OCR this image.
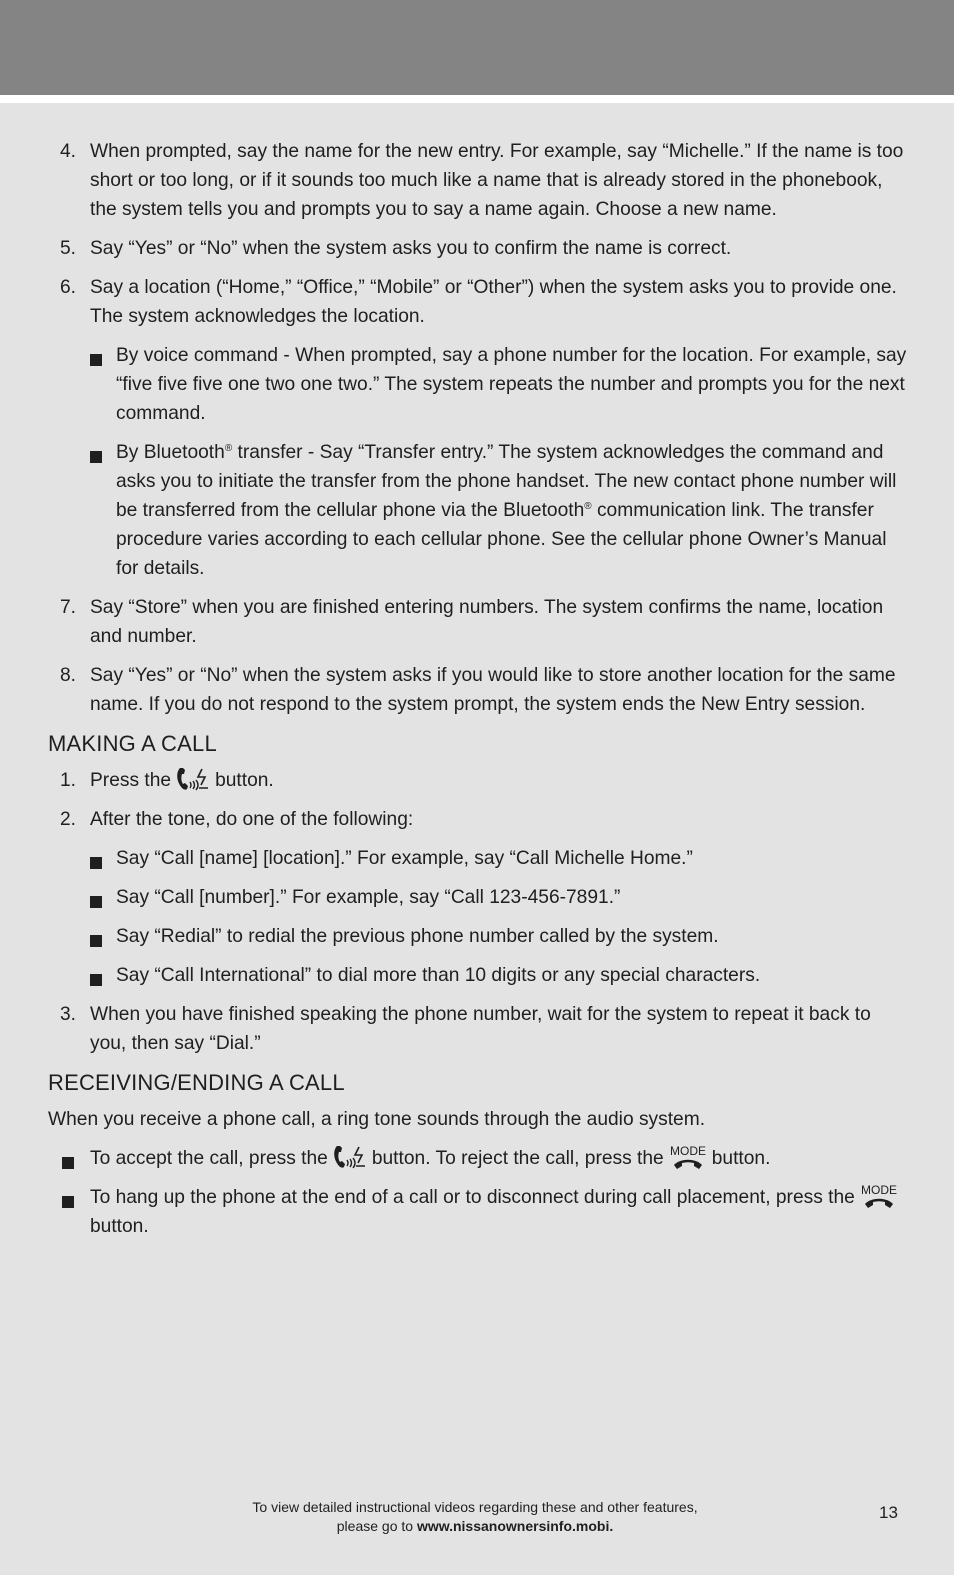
4. When prompted, say the name for the new entry. For example, say “Michelle.” If the name is too short or too long, or if it sounds too much like a name that is already stored in the phonebook, the system tells you and prompts you to say a name again. Choose a new name.
5. Say “Yes” or “No” when the system asks you to confirm the name is correct.
6. Say a location (“Home,” “Office,” “Mobile” or “Other”) when the system asks you to provide one. The system acknowledges the location.
By voice command - When prompted, say a phone number for the location. For example, say “five five five one two one two.” The system repeats the number and prompts you for the next command.
By Bluetooth® transfer - Say “Transfer entry.” The system acknowledges the command and asks you to initiate the transfer from the phone handset. The new contact phone number will be transferred from the cellular phone via the Bluetooth® communication link. The transfer procedure varies according to each cellular phone. See the cellular phone Owner’s Manual for details.
7. Say “Store” when you are finished entering numbers. The system confirms the name, location and number.
8. Say “Yes” or “No” when the system asks if you would like to store another location for the same name. If you do not respond to the system prompt, the system ends the New Entry session.
MAKING A CALL
1. Press the button.
2. After the tone, do one of the following:
Say “Call [name] [location].” For example, say “Call Michelle Home.”
Say “Call [number].” For example, say “Call 123-456-7891.”
Say “Redial” to redial the previous phone number called by the system.
Say “Call International” to dial more than 10 digits or any special characters.
3. When you have finished speaking the phone number, wait for the system to repeat it back to you, then say “Dial.”
RECEIVING/ENDING A CALL
When you receive a phone call, a ring tone sounds through the audio system.
To accept the call, press the button. To reject the call, press the MODE button.
To hang up the phone at the end of a call or to disconnect during call placement, press the MODE
button.
To view detailed instructional videos regarding these and other features,
please go to www.nissanownersinfo.mobi.
13
